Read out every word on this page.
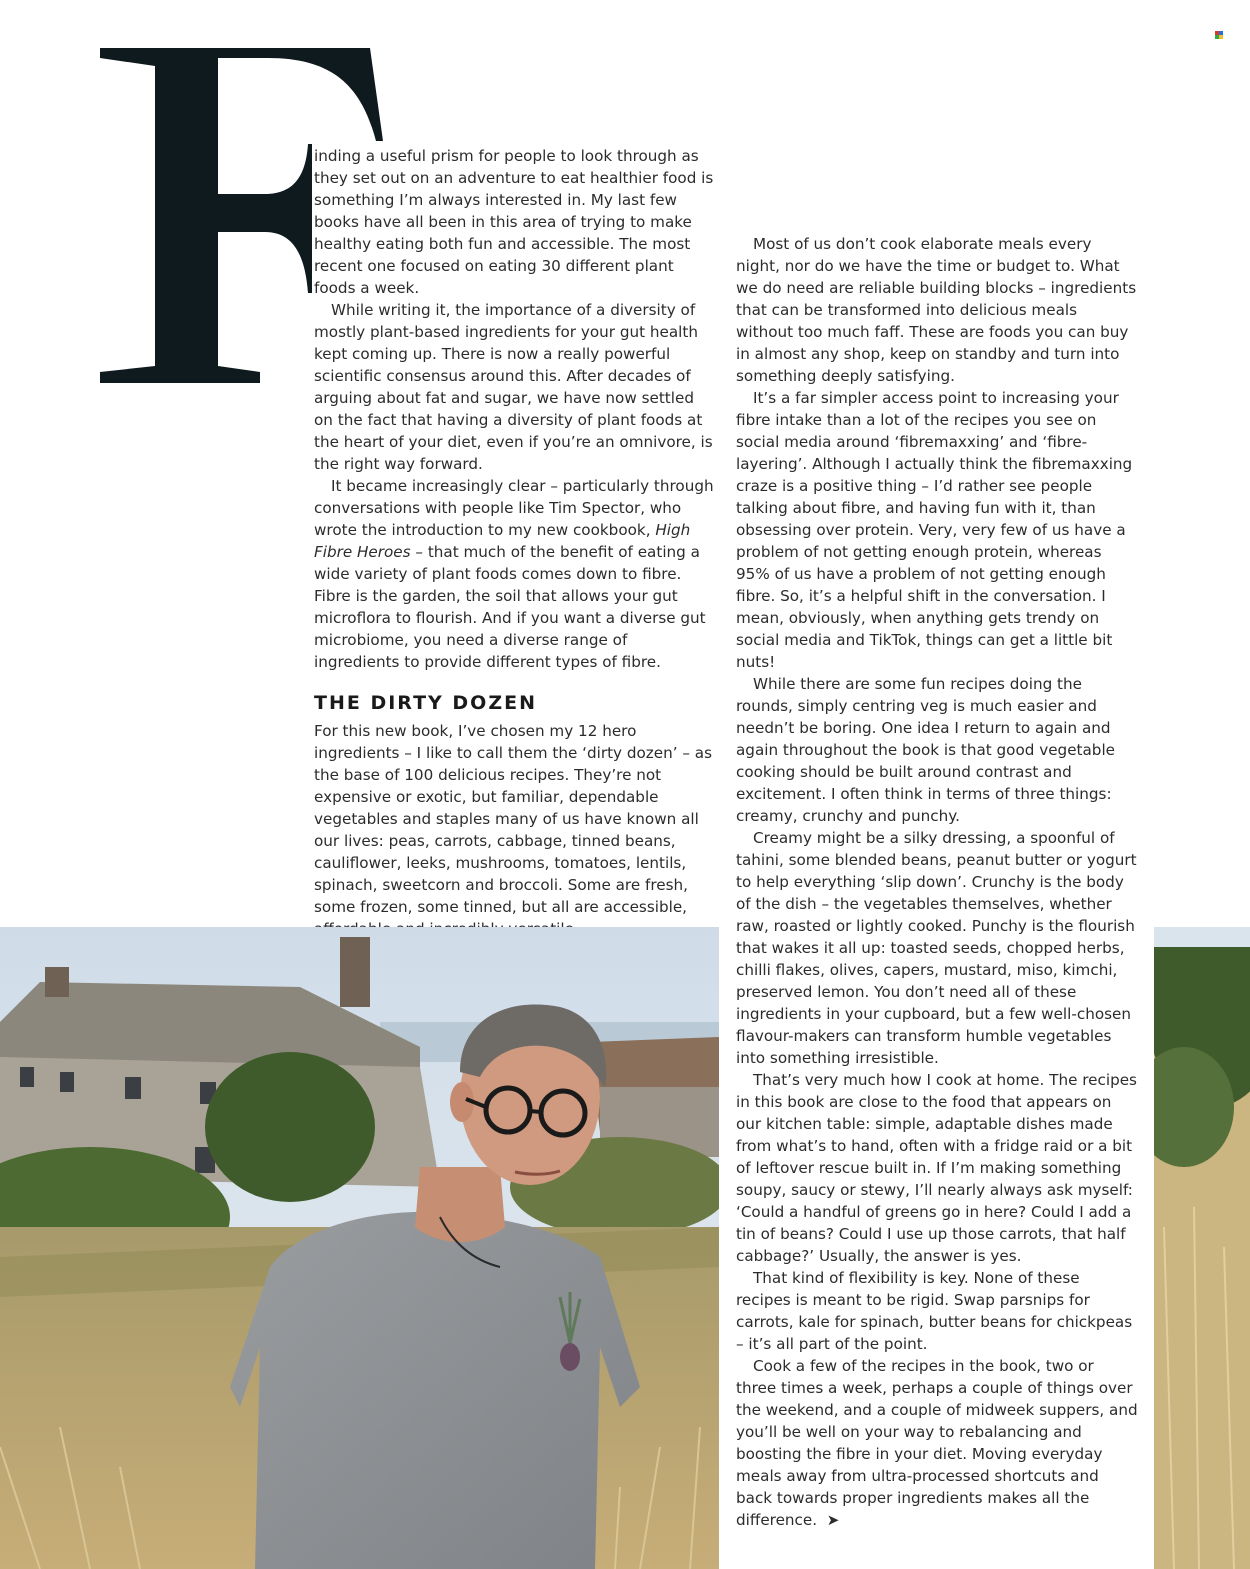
inding a useful prism for people to look through as they set out on an adventure to eat healthier food is something I’m always interested in. My last few books have all been in this area of trying to make healthy eating both fun and accessible. The most recent one focused on eating 30 different plant foods a week.

While writing it, the importance of a diversity of mostly plant-based ingredients for your gut health kept coming up. There is now a really powerful scientific consensus around this. After decades of arguing about fat and sugar, we have now settled on the fact that having a diversity of plant foods at the heart of your diet, even if you’re an omnivore, is the right way forward.

It became increasingly clear – particularly through conversations with people like Tim Spector, who wrote the introduction to my new cookbook, High Fibre Heroes – that much of the benefit of eating a wide variety of plant foods comes down to fibre. Fibre is the garden, the soil that allows your gut microflora to flourish. And if you want a diverse gut microbiome, you need a diverse range of ingredients to provide different types of fibre.

THE DIRTY DOZEN

For this new book, I’ve chosen my 12 hero ingredients – I like to call them the ‘dirty dozen’ – as the base of 100 delicious recipes. They’re not expensive or exotic, but familiar, dependable vegetables and staples many of us have known all our lives: peas, carrots, cabbage, tinned beans, cauliflower, leeks, mushrooms, tomatoes, lentils, spinach, sweetcorn and broccoli. Some are fresh, some frozen, some tinned, but all are accessible,

Most of us don’t cook elaborate meals every night, nor do we have the time or budget to. What we do need are reliable building blocks – ingredients that can be transformed into delicious meals without too much faff. These are foods you can buy in almost any shop, keep on standby and turn into something deeply satisfying.

It’s a far simpler access point to increasing your fibre intake than a lot of the recipes you see on social media around ‘fibremaxxing’ and ‘fibre-layering’. Although I actually think the fibremaxxing craze is a positive thing – I’d rather see people talking about fibre, and having fun with it, than obsessing over protein. Very, very few of us have a problem of not getting enough protein, whereas 95% of us have a problem of not getting enough fibre. So, it’s a helpful shift in the conversation. I mean, obviously, when anything gets trendy on social media and TikTok, things can get a little bit nuts!

While there are some fun recipes doing the rounds, simply centring veg is much easier and needn’t be boring. One idea I return to again and again throughout the book is that good vegetable cooking should be built around contrast and excitement. I often think in terms of three things: creamy, crunchy and punchy.

Creamy might be a silky dressing, a spoonful of tahini, some blended beans, peanut butter or yogurt to help everything ‘slip down’. Crunchy is the body of the dish – the vegetables themselves, whether raw, roasted or lightly cooked. Punchy is the flourish that wakes it all up: toasted seeds, chopped herbs, chilli flakes, olives, capers, mustard, miso, kimchi, preserved lemon. You don’t need all of these ingredients in your cupboard, but a few well-chosen flavour-makers can transform humble vegetables into something irresistible.

That’s very much how I cook at home. The recipes in this book are close to the food that appears on our kitchen table: simple, adaptable dishes made from what’s to hand, often with a fridge raid or a bit of leftover rescue built in. If I’m making something soupy, saucy or stewy, I’ll nearly always ask myself: ‘Could a handful of greens go in here? Could I add a tin of beans? Could I use up those carrots, that half cabbage?’ Usually, the answer is yes.

That kind of flexibility is key. None of these recipes is meant to be rigid. Swap parsnips for carrots, kale for spinach, butter beans for chickpeas – it’s all part of the point.

Cook a few of the recipes in the book, two or three times a week, perhaps a couple of things over the weekend, and a couple of midweek suppers, and you’ll be well on your way to rebalancing and boosting the fibre in your diet. Moving everyday meals away from ultra-processed shortcuts and back towards proper ingredients makes all the difference. ➤
